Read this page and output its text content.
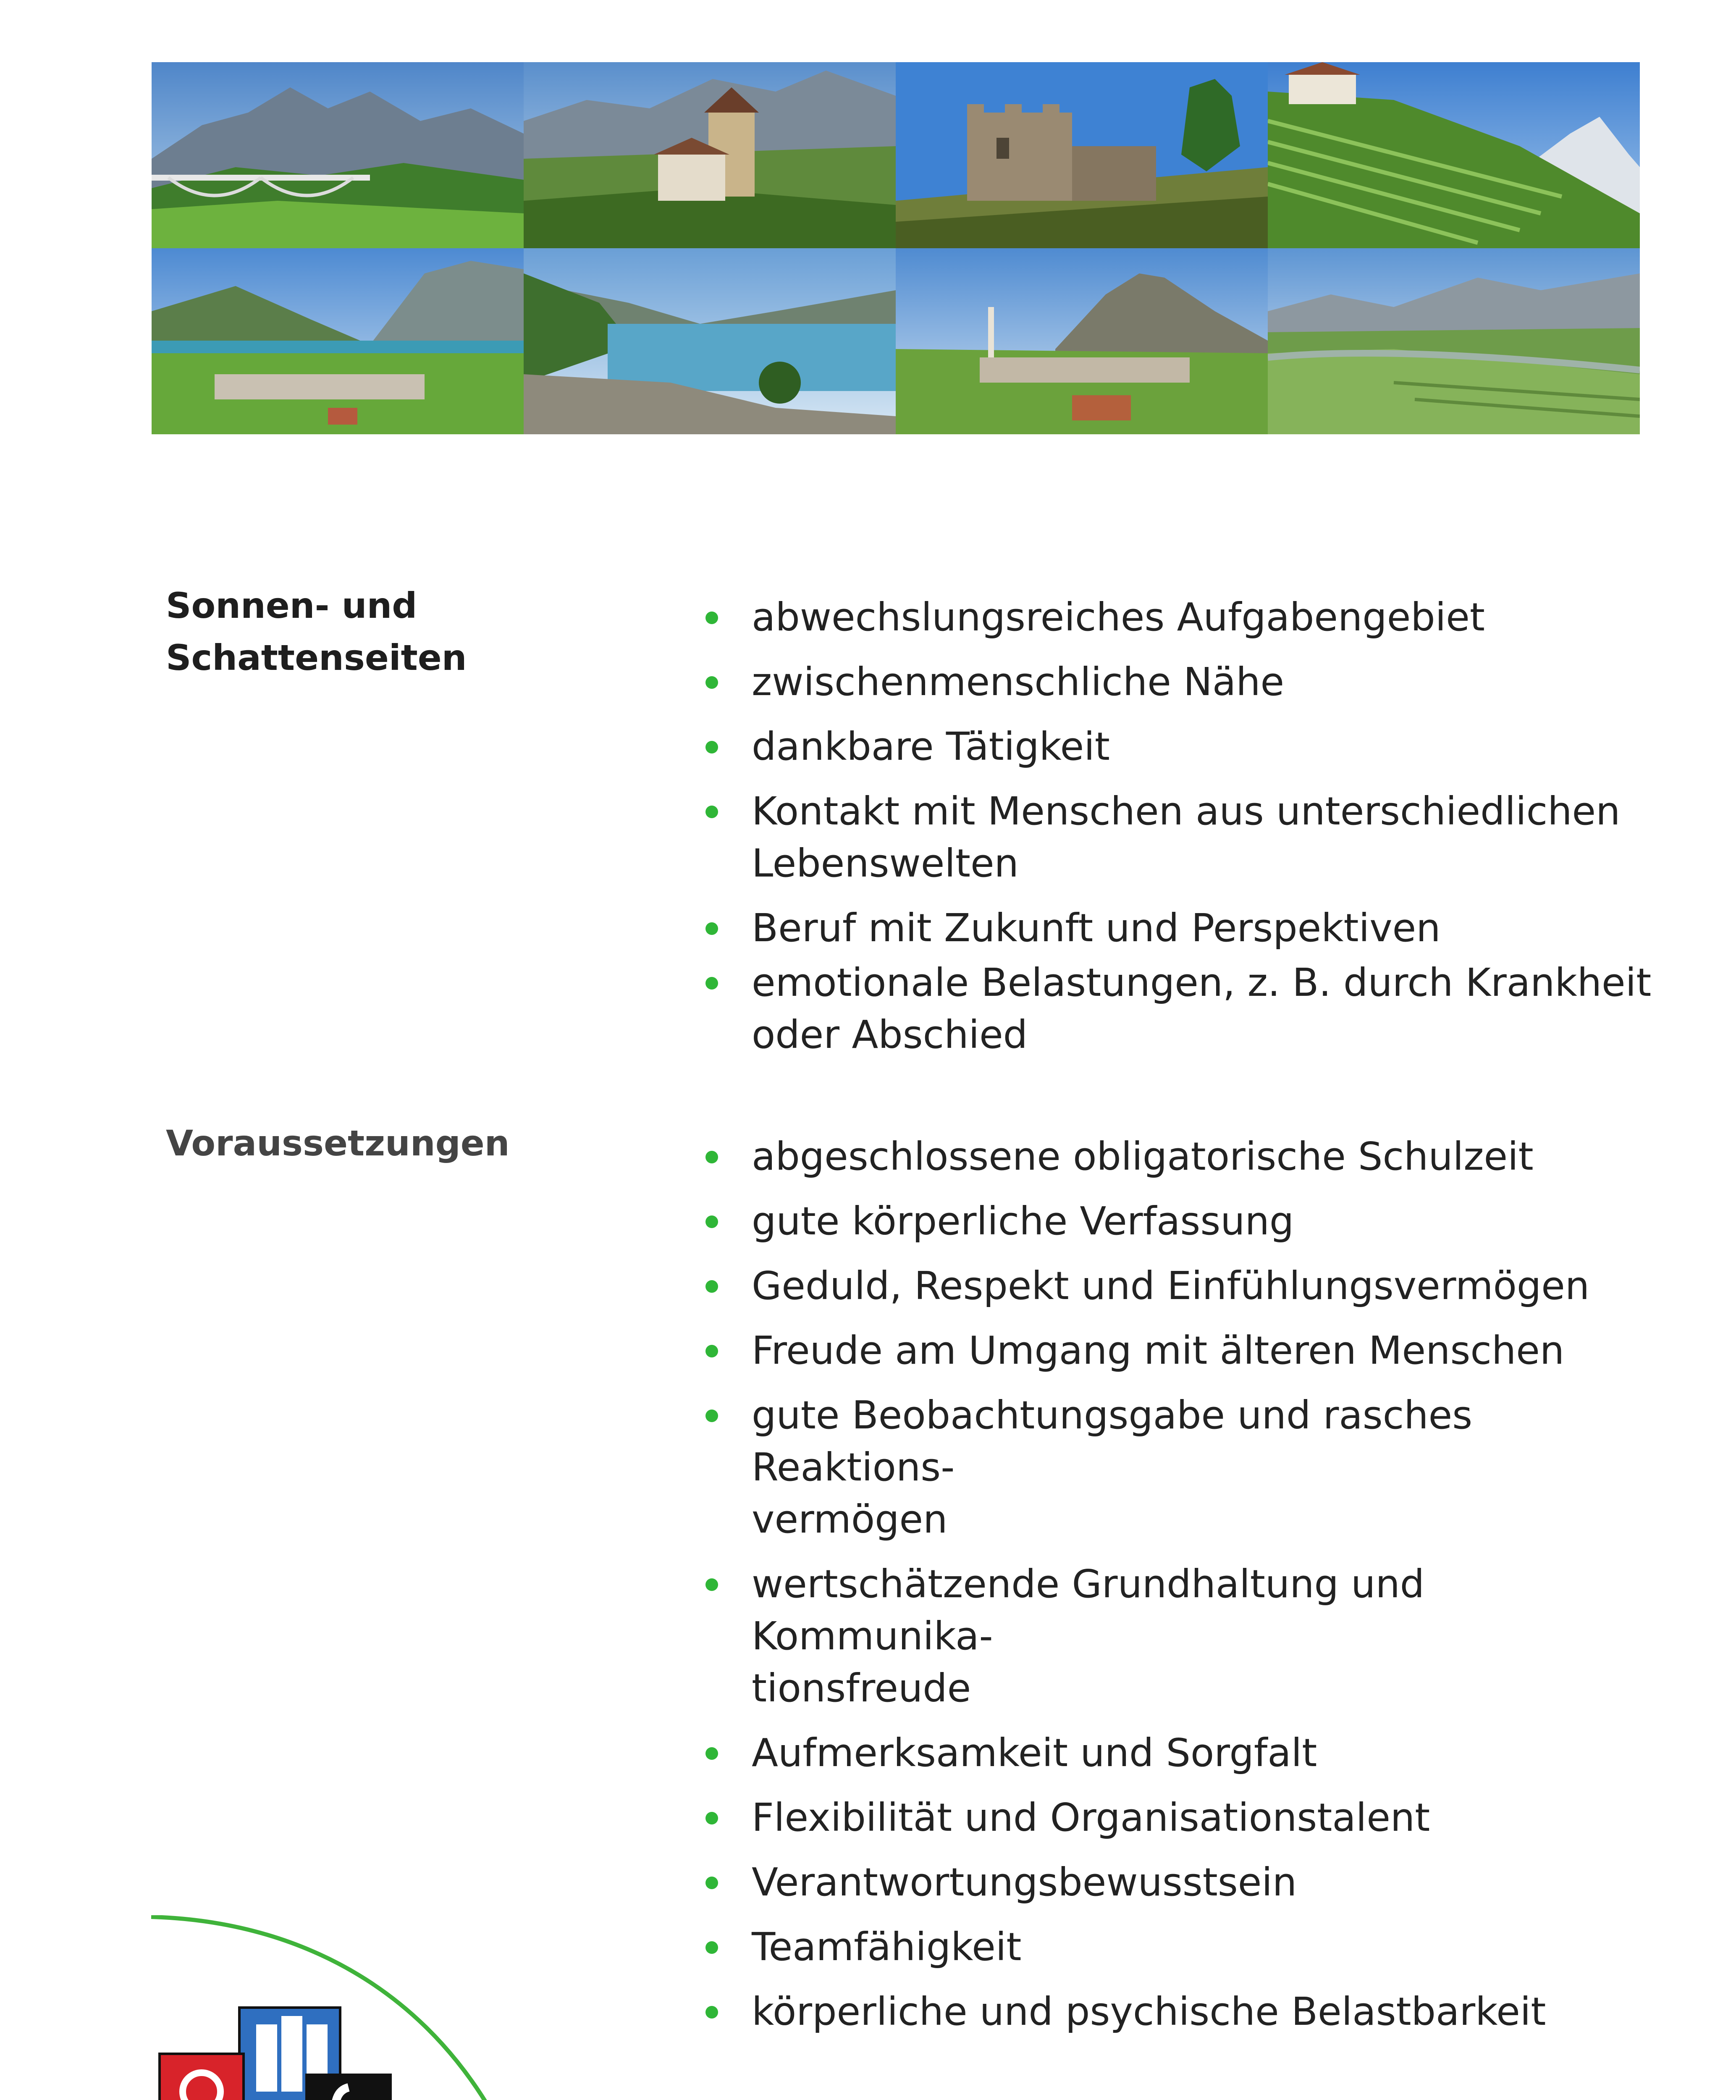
Sonnen- und
Schattenseiten

abwechslungsreiches Aufgabengebiet
zwischenmenschliche Nähe
dankbare Tätigkeit
Kontakt mit Menschen aus unterschiedlichen
Lebenswelten
Beruf mit Zukunft und Perspektiven
emotionale Belastungen, z. B. durch Krankheit
oder Abschied

Voraussetzungen	abgeschlossene obligatorische Schulzeit
gute körperliche Verfassung
Geduld, Respekt und Einfühlungsvermögen
Freude am Umgang mit älteren Menschen
gute Beobachtungsgabe und rasches Reaktions-
vermögen
wertschätzende Grundhaltung und Kommunika-
tionsfreude
Aufmerksamkeit und Sorgfalt
Flexibilität und Organisationstalent
Verantwortungsbewusstsein
Teamfähigkeit
körperliche und psychische Belastbarkeit
